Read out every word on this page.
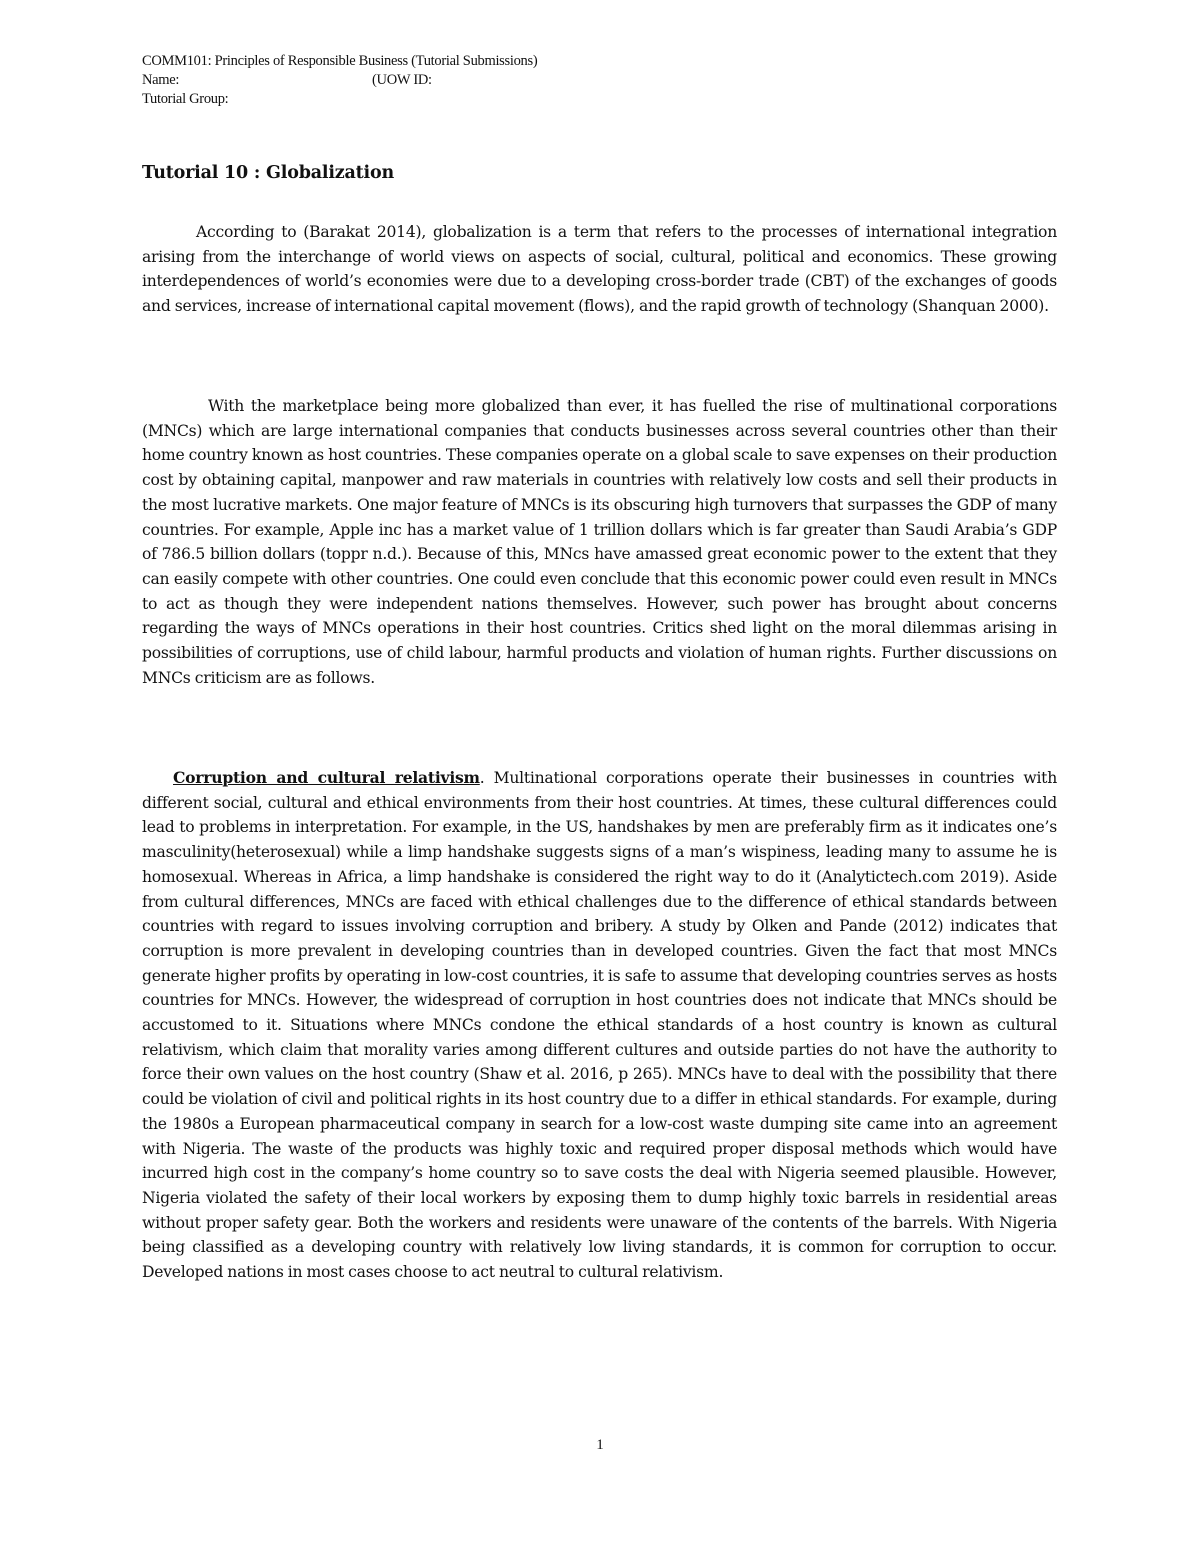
COMM101: Principles of Responsible Business (Tutorial Submissions)
Name:	(UOW ID:
Tutorial Group:
Tutorial 10 : Globalization

According to (Barakat 2014), globalization is a term that refers to the processes of international integration arising from the interchange of world views on aspects of social, cultural, political and economics. These growing interdependences of world’s economies were due to a developing cross-border trade (CBT) of the exchanges of goods and services, increase of international capital movement (flows), and the rapid growth of technology (Shanquan 2000).

With the marketplace being more globalized than ever, it has fuelled the rise of multinational corporations (MNCs) which are large international companies that conducts businesses across several countries other than their home country known as host countries. These companies operate on a global scale to save expenses on their production cost by obtaining capital, manpower and raw materials in countries with relatively low costs and sell their products in the most lucrative markets. One major feature of MNCs is its obscuring high turnovers that surpasses the GDP of many countries. For example, Apple inc has a market value of 1 trillion dollars which is far greater than Saudi Arabia’s GDP of 786.5 billion dollars (toppr n.d.). Because of this, MNcs have amassed great economic power to the extent that they can easily compete with other countries. One could even conclude that this economic power could even result in MNCs to act as though they were independent nations themselves. However, such power has brought about concerns regarding the ways of MNCs operations in their host countries. Critics shed light on the moral dilemmas arising in possibilities of corruptions, use of child labour, harmful products and violation of human rights. Further discussions on MNCs criticism are as follows.

Corruption and cultural relativism. Multinational corporations operate their businesses in countries with different social, cultural and ethical environments from their host countries. At times, these cultural differences could lead to problems in interpretation. For example, in the US, handshakes by men are preferably firm as it indicates one’s masculinity(heterosexual) while a limp handshake suggests signs of a man’s wispiness, leading many to assume he is homosexual. Whereas in Africa, a limp handshake is considered the right way to do it (Analytictech.com 2019). Aside from cultural differences, MNCs are faced with ethical challenges due to the difference of ethical standards between countries with regard to issues involving corruption and bribery. A study by Olken and Pande (2012) indicates that corruption is more prevalent in developing countries than in developed countries. Given the fact that most MNCs generate higher profits by operating in low-cost countries, it is safe to assume that developing countries serves as hosts countries for MNCs. However, the widespread of corruption in host countries does not indicate that MNCs should be accustomed to it. Situations where MNCs condone the ethical standards of a host country is known as cultural relativism, which claim that morality varies among different cultures and outside parties do not have the authority to force their own values on the host country (Shaw et al. 2016, p 265). MNCs have to deal with the possibility that there could be violation of civil and political rights in its host country due to a differ in ethical standards. For example, during the 1980s a European pharmaceutical company in search for a low-cost waste dumping site came into an agreement with Nigeria. The waste of the products was highly toxic and required proper disposal methods which would have incurred high cost in the company’s home country so to save costs the deal with Nigeria seemed plausible. However, Nigeria violated the safety of their local workers by exposing them to dump highly toxic barrels in residential areas without proper safety gear. Both the workers and residents were unaware of the contents of the barrels. With Nigeria being classified as a developing country with relatively low living standards, it is common for corruption to occur. Developed nations in most cases choose to act neutral to cultural relativism.

1
